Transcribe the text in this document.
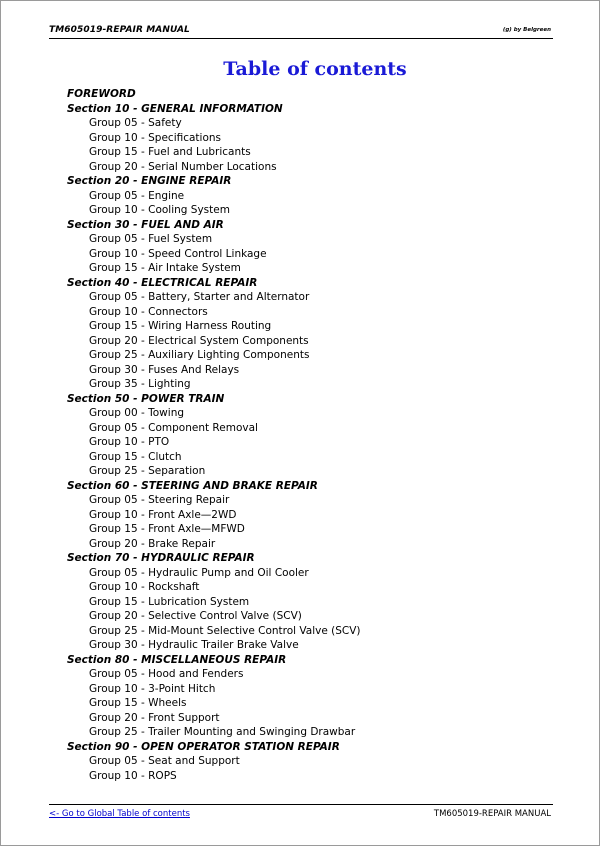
TM605019-REPAIR MANUAL	(g) by Belgreen
Table of contents
FOREWORD
Section 10 - GENERAL INFORMATION
Group 05 - Safety
Group 10 - Specifications
Group 15 - Fuel and Lubricants
Group 20 - Serial Number Locations
Section 20 - ENGINE REPAIR
Group 05 - Engine
Group 10 - Cooling System
Section 30 - FUEL AND AIR
Group 05 - Fuel System
Group 10 - Speed Control Linkage
Group 15 - Air Intake System
Section 40 - ELECTRICAL REPAIR
Group 05 - Battery, Starter and Alternator
Group 10 - Connectors
Group 15 - Wiring Harness Routing
Group 20 - Electrical System Components
Group 25 - Auxiliary Lighting Components
Group 30 - Fuses And Relays
Group 35 - Lighting
Section 50 - POWER TRAIN
Group 00 - Towing
Group 05 - Component Removal
Group 10 - PTO
Group 15 - Clutch
Group 25 - Separation
Section 60 - STEERING AND BRAKE REPAIR
Group 05 - Steering Repair
Group 10 - Front Axle—2WD
Group 15 - Front Axle—MFWD
Group 20 - Brake Repair
Section 70 - HYDRAULIC REPAIR
Group 05 - Hydraulic Pump and Oil Cooler
Group 10 - Rockshaft
Group 15 - Lubrication System
Group 20 - Selective Control Valve (SCV)
Group 25 - Mid-Mount Selective Control Valve (SCV)
Group 30 - Hydraulic Trailer Brake Valve
Section 80 - MISCELLANEOUS REPAIR
Group 05 - Hood and Fenders
Group 10 - 3-Point Hitch
Group 15 - Wheels
Group 20 - Front Support
Group 25 - Trailer Mounting and Swinging Drawbar
Section 90 - OPEN OPERATOR STATION REPAIR
Group 05 - Seat and Support
Group 10 - ROPS
<- Go to Global Table of contents	TM605019-REPAIR MANUAL
